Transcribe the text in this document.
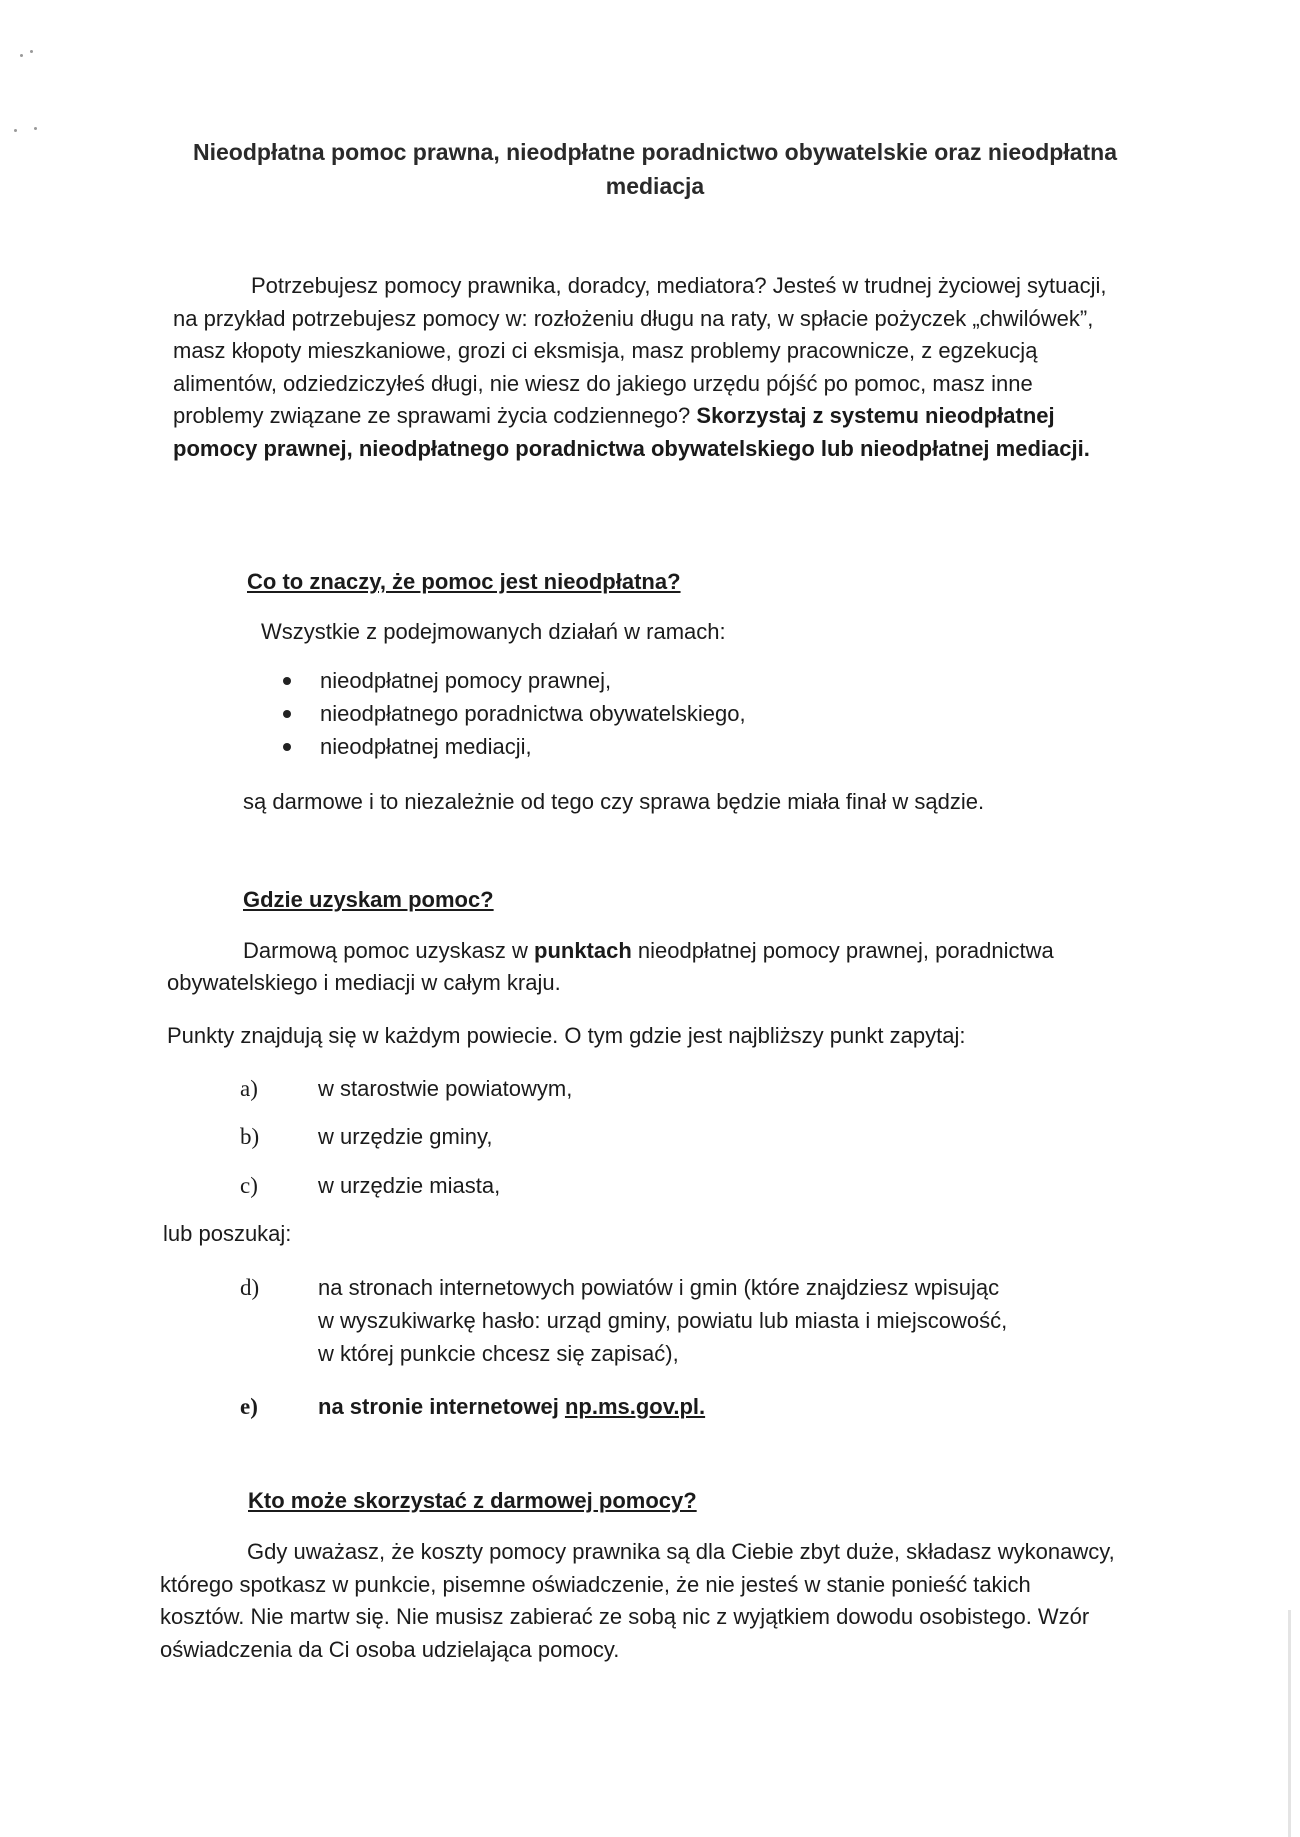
Nieodpłatna pomoc prawna, nieodpłatne poradnictwo obywatelskie oraz nieodpłatna
mediacja

Potrzebujesz pomocy prawnika, doradcy, mediatora? Jesteś w trudnej życiowej sytuacji, na przykład potrzebujesz pomocy w: rozłożeniu długu na raty, w spłacie pożyczek „chwilówek”, masz kłopoty mieszkaniowe, grozi ci eksmisja, masz problemy pracownicze, z egzekucją alimentów, odziedziczyłeś długi, nie wiesz do jakiego urzędu pójść po pomoc, masz inne problemy związane ze sprawami życia codziennego? Skorzystaj z systemu nieodpłatnej pomocy prawnej, nieodpłatnego poradnictwa obywatelskiego lub nieodpłatnej mediacji.

Co to znaczy, że pomoc jest nieodpłatna?

Wszystkie z podejmowanych działań w ramach:

nieodpłatnej pomocy prawnej,
nieodpłatnego poradnictwa obywatelskiego,
nieodpłatnej mediacji,

są darmowe i to niezależnie od tego czy sprawa będzie miała finał w sądzie.

Gdzie uzyskam pomoc?

Darmową pomoc uzyskasz w punktach nieodpłatnej pomocy prawnej, poradnictwa obywatelskiego i mediacji w całym kraju.

Punkty znajdują się w każdym powiecie. O tym gdzie jest najbliższy punkt zapytaj:

a)	w starostwie powiatowym,
b)	w urzędzie gminy,
c)	w urzędzie miasta,

lub poszukaj:

d)	na stronach internetowych powiatów i gmin (które znajdziesz wpisując
w wyszukiwarkę hasło: urząd gminy, powiatu lub miasta i miejscowość,
w której punkcie chcesz się zapisać),
e)	na stronie internetowej np.ms.gov.pl.
Kto może skorzystać z darmowej pomocy?

Gdy uważasz, że koszty pomocy prawnika są dla Ciebie zbyt duże, składasz wykonawcy, którego spotkasz w punkcie, pisemne oświadczenie, że nie jesteś w stanie ponieść takich kosztów. Nie martw się. Nie musisz zabierać ze sobą nic z wyjątkiem dowodu osobistego. Wzór oświadczenia da Ci osoba udzielająca pomocy.
